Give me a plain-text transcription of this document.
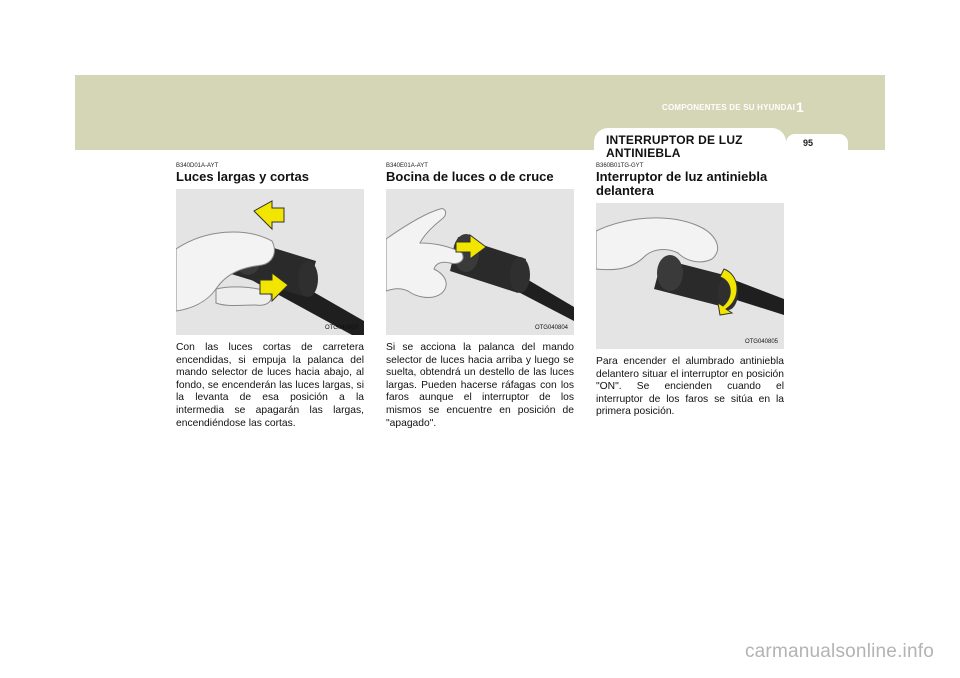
COMPONENTES DE SU HYUNDAI 1
95
INTERRUPTOR DE LUZ ANTINIEBLA
B340D01A-AYT
Luces largas y cortas
OTG040803

Con las luces cortas de carretera encendidas, si empuja la palanca del mando selector de luces hacia abajo, al fondo, se encenderán las luces largas, si la levanta de esa posición a la intermedia se apagarán las largas, encendiéndose las cortas.

B340E01A-AYT
Bocina de luces o de cruce
OTG040804

Si se acciona la palanca del mando selector de luces hacia arriba y luego se suelta, obtendrá un destello de las luces largas. Pueden hacerse ráfagas con los faros aunque el interruptor de los mismos se encuentre en posición de "apagado".

B360B01TG-GYT
Interruptor de luz antiniebla delantera
OTG040805

Para encender el alumbrado antiniebla delantero situar el interruptor en posición "ON". Se encienden cuando el interruptor de los faros se sitúa en la primera posición.

carmanualsonline.info
